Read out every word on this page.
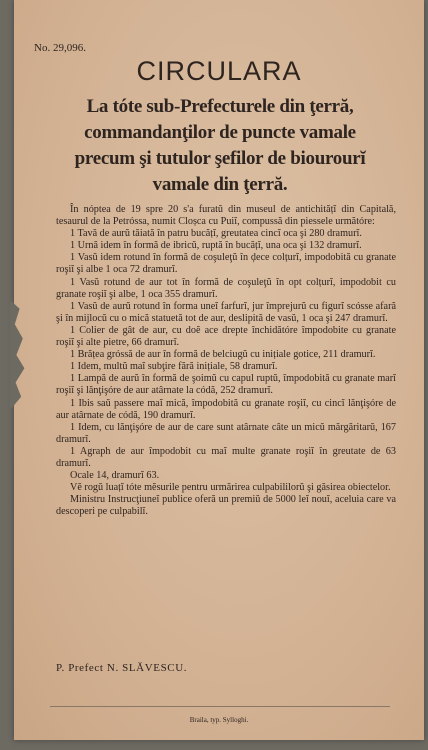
No. 29,096.
CIRCULARA
La tóte sub-Prefecturele din ţerră,
commandanţilor de puncte vamale
precum şi tutulor şefilor de biourourĭ
vamale din ţerră.

În nóptea de 19 spre 20 s'a furatŭ din museul de antichitățĭ din Capitală, tesaurul de la Petróssa, numit Cloșca cu Puiĭ, compussă din piessele următóre:

1 Tavă de aurŭ tăiată în patru bucățĭ, greutatea cincĭ oca şi 280 dramurĭ.

1 Urnă idem în formă de ibricŭ, ruptă în bucățĭ, una oca şi 132 dramurĭ.

1 Vasŭ idem rotund în formă de coşuleţŭ în ḑece colțurĭ, impodobită cu granate roşiĭ şi albe 1 oca 72 dramurĭ.

1 Vasŭ rotund de aur tot în formă de coşuleţŭ în opt colțurĭ, impodobit cu granate roşiĭ şi albe, 1 oca 355 dramurĭ.

1 Vasŭ de aurŭ rotund în forma uneĭ farfurĭ, jur împrejurŭ cu figurĭ scósse afară şi în mijlocŭ cu o mică statuetă tot de aur, deslipită de vasŭ, 1 oca şi 247 dramurĭ.

1 Colier de gât de aur, cu doĕ ace drepte închidătóre împodobite cu granate roşiĭ şi alte pietre, 66 dramurĭ.

1 Brățea gróssă de aur în formă de belciugŭ cu inițiale gotice, 211 dramurĭ.

1 Idem, multŭ maĭ subţire fără inițiale, 58 dramurĭ.

1 Lampă de aurŭ în formă de şoimŭ cu capul ruptŭ, împodobită cu granate marĭ roşiĭ şi lănţişóre de aur atârnate la códă, 252 dramurĭ.

1 Ibis saŭ passere maĭ mică, împodobită cu granate roşiĭ, cu cincĭ lănţişóre de aur atârnate de códă, 190 dramurĭ.

1 Idem, cu lănţişóre de aur de care sunt atârnate câte un micŭ mărgăritarŭ, 167 dramurĭ.

1 Agraph de aur împodobit cu maĭ multe granate roşiĭ în greutate de 63 dramurĭ.

Ocale 14, dramurĭ 63.

Vĕ rogŭ luațĭ tóte mĕsurile pentru urmărirea culpabililorŭ şi găsirea obiectelor.

Ministru Instrucţiuneĭ publice oferă un premiŭ de 5000 leĭ nouĭ, aceluia care va descoperi pe culpabilĭ.

P. Prefect N. SLĂVESCU.
Braila, typ. Sylloghi.
